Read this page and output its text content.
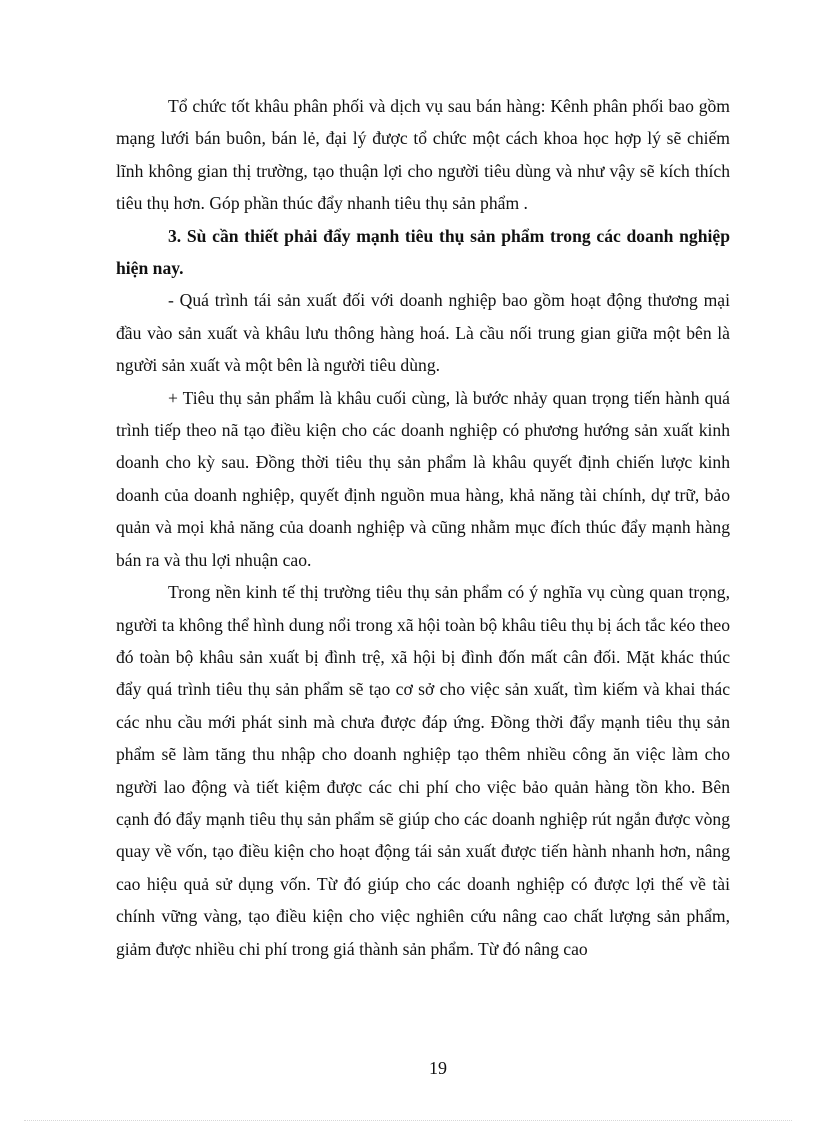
Tổ chức tốt khâu phân phối và dịch vụ sau bán hàng: Kênh phân phối bao gồm mạng lưới bán buôn, bán lẻ, đại lý được tổ chức một cách khoa học hợp lý sẽ chiếm lĩnh không gian thị trường, tạo thuận lợi cho người tiêu dùng và như vậy sẽ kích thích tiêu thụ hơn. Góp phần thúc đẩy nhanh tiêu thụ sản phẩm .

3. Sù cần thiết phải đẩy mạnh tiêu thụ sản phẩm trong các doanh nghiệp hiện nay.

- Quá trình tái sản xuất đối với doanh nghiệp bao gồm hoạt động thương mại đầu vào sản xuất và khâu lưu thông hàng hoá. Là cầu nối trung gian giữa một bên là người sản xuất và một bên là người tiêu dùng.

+ Tiêu thụ sản phẩm là khâu cuối cùng, là bước nhảy quan trọng tiến hành quá trình tiếp theo nã tạo điều kiện cho các doanh nghiệp có phương hướng sản xuất kinh doanh cho kỳ sau. Đồng thời tiêu thụ sản phẩm là khâu quyết định chiến lược kinh doanh của doanh nghiệp, quyết định nguồn mua hàng, khả năng tài chính, dự trữ, bảo quản và mọi khả năng của doanh nghiệp và cũng nhằm mục đích thúc đẩy mạnh hàng bán ra và thu lợi nhuận cao.

Trong nền kinh tế thị trường tiêu thụ sản phẩm có ý nghĩa vụ cùng quan trọng, người ta không thể hình dung nổi trong xã hội toàn bộ khâu tiêu thụ bị ách tắc kéo theo đó toàn bộ khâu sản xuất bị đình trệ, xã hội bị đình đốn mất cân đối. Mặt khác thúc đẩy quá trình tiêu thụ sản phẩm sẽ tạo cơ sở cho việc sản xuất, tìm kiếm và khai thác các nhu cầu mới phát sinh mà chưa được đáp ứng. Đồng thời đẩy mạnh tiêu thụ sản phẩm sẽ làm tăng thu nhập cho doanh nghiệp tạo thêm nhiều công ăn việc làm cho người lao động và tiết kiệm được các chi phí cho việc bảo quản hàng tồn kho. Bên cạnh đó đẩy mạnh tiêu thụ sản phẩm sẽ giúp cho các doanh nghiệp rút ngắn được vòng quay về vốn, tạo điều kiện cho hoạt động tái sản xuất được tiến hành nhanh hơn, nâng cao hiệu quả sử dụng vốn. Từ đó giúp cho các doanh nghiệp có được lợi thế về tài chính vững vàng, tạo điều kiện cho việc nghiên cứu nâng cao chất lượng sản phẩm, giảm được nhiều chi phí trong giá thành sản phẩm. Từ đó nâng cao

19
